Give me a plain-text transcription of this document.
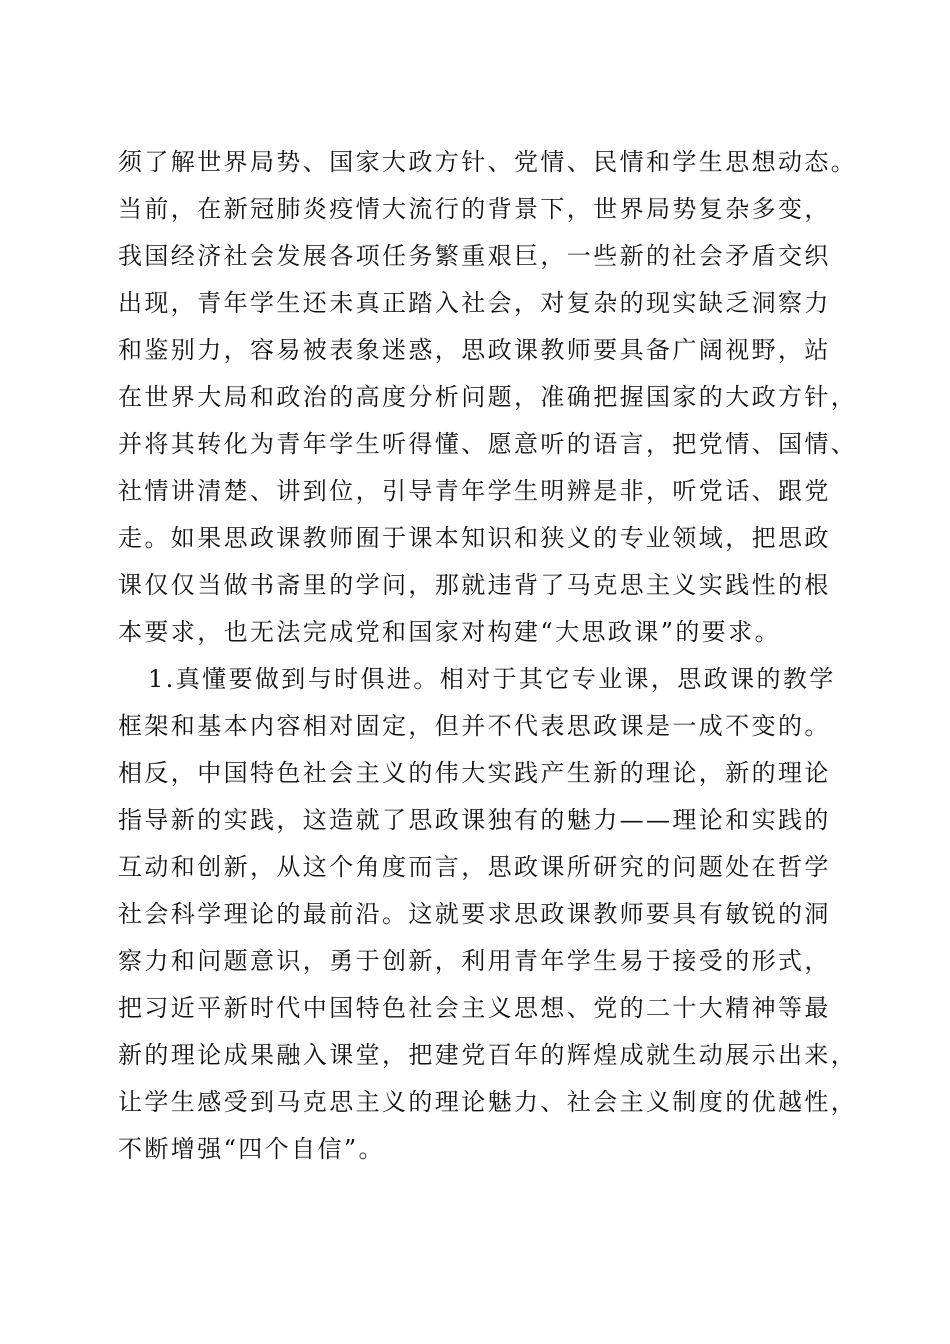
须了解世界局势、国家大政方针、党情、民情和学生思想动态。
当前，在新冠肺炎疫情大流行的背景下，世界局势复杂多变，
我国经济社会发展各项任务繁重艰巨，一些新的社会矛盾交织
出现，青年学生还未真正踏入社会，对复杂的现实缺乏洞察力
和鉴别力，容易被表象迷惑，思政课教师要具备广阔视野，站
在世界大局和政治的高度分析问题，准确把握国家的大政方针，
并将其转化为青年学生听得懂、愿意听的语言，把党情、国情、
社情讲清楚、讲到位，引导青年学生明辨是非，听党话、跟党
走。如果思政课教师囿于课本知识和狭义的专业领域，把思政
课仅仅当做书斋里的学问，那就违背了马克思主义实践性的根
本要求，也无法完成党和国家对构建“大思政课”的要求。
1.真懂要做到与时俱进。相对于其它专业课，思政课的教学
框架和基本内容相对固定，但并不代表思政课是一成不变的。
相反，中国特色社会主义的伟大实践产生新的理论，新的理论
指导新的实践，这造就了思政课独有的魅力——理论和实践的
互动和创新，从这个角度而言，思政课所研究的问题处在哲学
社会科学理论的最前沿。这就要求思政课教师要具有敏锐的洞
察力和问题意识，勇于创新，利用青年学生易于接受的形式，
把习近平新时代中国特色社会主义思想、党的二十大精神等最
新的理论成果融入课堂，把建党百年的辉煌成就生动展示出来，
让学生感受到马克思主义的理论魅力、社会主义制度的优越性，
不断增强“四个自信”。
